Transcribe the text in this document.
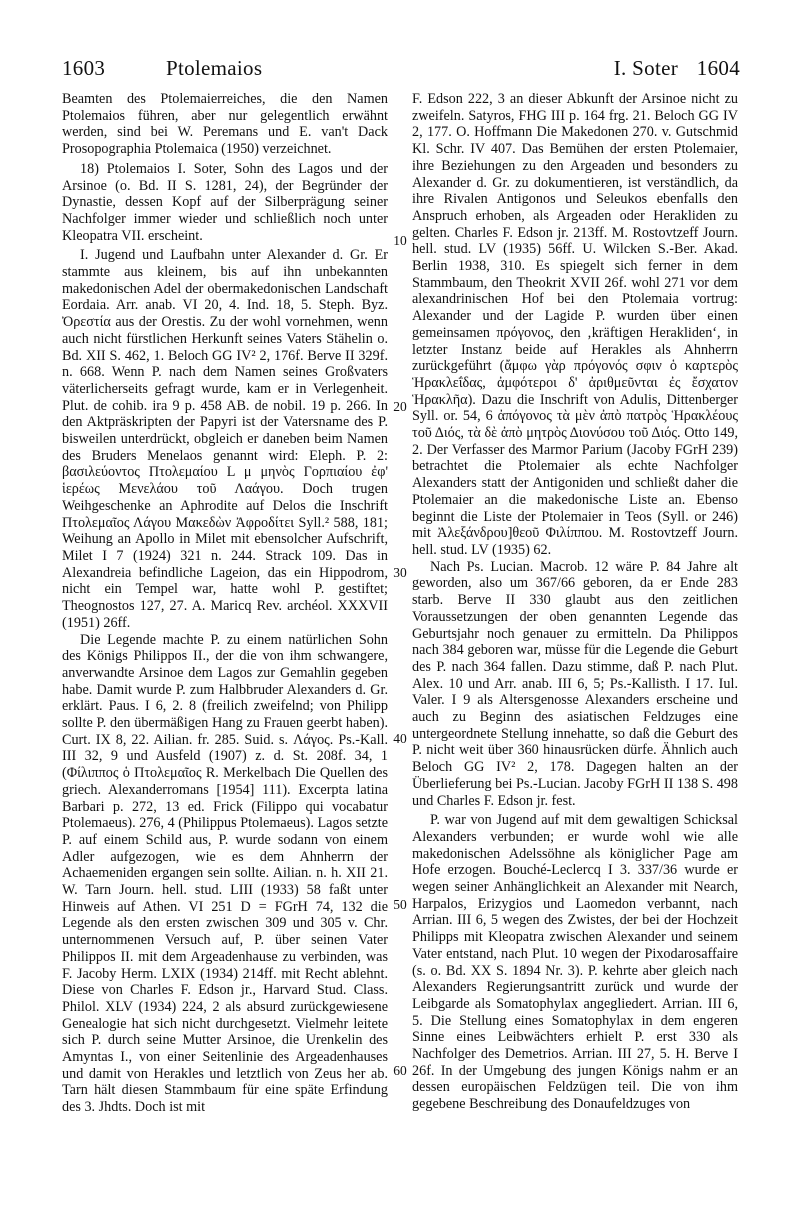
1603	Ptolemaios	I. Soter 1604

Beamten des Ptolemaierreiches, die den Namen Ptolemaios führen, aber nur gelegentlich erwähnt werden, sind bei W. Peremans und E. van't Dack Prosopographia Ptolemaica (1950) verzeichnet.

18) Ptolemaios I. Soter, Sohn des Lagos und der Arsinoe (o. Bd. II S. 1281, 24), der Begründer der Dynastie, dessen Kopf auf der Silberprägung seiner Nachfolger immer wieder und schließlich noch unter Kleopatra VII. erscheint.

I. Jugend und Laufbahn unter Alexander d. Gr. Er stammte aus kleinem, bis auf ihn unbekannten makedonischen Adel der obermakedonischen Landschaft Eordaia. Arr. anab. VI 20, 4. Ind. 18, 5. Steph. Byz. Ὀρεστία aus der Orestis. Zu der wohl vornehmen, wenn auch nicht fürstlichen Herkunft seines Vaters Stähelin o. Bd. XII S. 462, 1. Beloch GG IV² 2, 176f. Berve II 329f. n. 668. Wenn P. nach dem Namen seines Großvaters väterlicherseits gefragt wurde, kam er in Verlegenheit. Plut. de cohib. ira 9 p. 458 AB. de nobil. 19 p. 266. In den Aktpräskripten der Papyri ist der Vatersname des P. bisweilen unterdrückt, obgleich er daneben beim Namen des Bruders Menelaos genannt wird: Eleph. P. 2: βασιλεύοντος Πτολεμαίου L μ μηνὸς Γορπιαίου ἐφ' ἱερέως Μενελάου τοῦ Λαάγου. Doch trugen Weihgeschenke an Aphrodite auf Delos die Inschrift Πτολεμαῖος Λάγου Μακεδὼν Ἀφροδίτει Syll.² 588, 181; Weihung an Apollo in Milet mit ebensolcher Aufschrift, Milet I 7 (1924) 321 n. 244. Strack 109. Das in Alexandreia befindliche Lageion, das ein Hippodrom, nicht ein Tempel war, hatte wohl P. gestiftet; Theognostos 127, 27. A. Maricq Rev. archéol. XXXVII (1951) 26ff.

Die Legende machte P. zu einem natürlichen Sohn des Königs Philippos II., der die von ihm schwangere, anverwandte Arsinoe dem Lagos zur Gemahlin gegeben habe. Damit wurde P. zum Halbbruder Alexanders d. Gr. erklärt. Paus. I 6, 2. 8 (freilich zweifelnd; von Philipp sollte P. den übermäßigen Hang zu Frauen geerbt haben). Curt. IX 8, 22. Ailian. fr. 285. Suid. s. Λάγος. Ps.-Kall. III 32, 9 und Ausfeld (1907) z. d. St. 208f. 34, 1 (Φίλιππος ὁ Πτολεμαῖος R. Merkelbach Die Quellen des griech. Alexanderromans [1954] 111). Excerpta latina Barbari p. 272, 13 ed. Frick (Filippo qui vocabatur Ptolemaeus). 276, 4 (Philippus Ptolemaeus). Lagos setzte P. auf einem Schild aus, P. wurde sodann von einem Adler aufgezogen, wie es dem Ahnherrn der Achaemeniden ergangen sein sollte. Ailian. n. h. XII 21. W. Tarn Journ. hell. stud. LIII (1933) 58 faßt unter Hinweis auf Athen. VI 251 D = FGrH 74, 132 die Legende als den ersten zwischen 309 und 305 v. Chr. unternommenen Versuch auf, P. über seinen Vater Philippos II. mit dem Argeadenhause zu verbinden, was F. Jacoby Herm. LXIX (1934) 214ff. mit Recht ablehnt. Diese von Charles F. Edson jr., Harvard Stud. Class. Philol. XLV (1934) 224, 2 als absurd zurückgewiesene Genealogie hat sich nicht durchgesetzt. Vielmehr leitete sich P. durch seine Mutter Arsinoe, die Urenkelin des Amyntas I., von einer Seitenlinie des Argeadenhauses und damit von Herakles und letztlich von Zeus her ab. Tarn hält diesen Stammbaum für eine späte Erfindung des 3. Jhdts. Doch ist mit

10
20
30
40
50
60

F. Edson 222, 3 an dieser Abkunft der Arsinoe nicht zu zweifeln. Satyros, FHG III p. 164 frg. 21. Beloch GG IV 2, 177. O. Hoffmann Die Makedonen 270. v. Gutschmid Kl. Schr. IV 407. Das Bemühen der ersten Ptolemaier, ihre Beziehungen zu den Argeaden und besonders zu Alexander d. Gr. zu dokumentieren, ist verständlich, da ihre Rivalen Antigonos und Seleukos ebenfalls den Anspruch erhoben, als Argeaden oder Herakliden zu gelten. Charles F. Edson jr. 213ff. M. Rostovtzeff Journ. hell. stud. LV (1935) 56ff. U. Wilcken S.-Ber. Akad. Berlin 1938, 310. Es spiegelt sich ferner in dem Stammbaum, den Theokrit XVII 26f. wohl 271 vor dem alexandrinischen Hof bei den Ptolemaia vortrug: Alexander und der Lagide P. wurden über einen gemeinsamen πρόγονος, den ‚kräftigen Herakliden‘, in letzter Instanz beide auf Herakles als Ahnherrn zurückgeführt (ἄμφω γὰρ πρόγονός σφιν ὁ καρτερὸς Ἡρακλεΐδας, ἀμφότεροι δ' ἀριθμεῦνται ἐς ἔσχατον Ἡρακλῆα). Dazu die Inschrift von Adulis, Dittenberger Syll. or. 54, 6 ἀπόγονος τὰ μὲν ἀπὸ πατρὸς Ἡρακλέους τοῦ Διός, τὰ δὲ ἀπὸ μητρὸς Διονύσου τοῦ Διός. Otto 149, 2. Der Verfasser des Marmor Parium (Jacoby FGrH 239) betrachtet die Ptolemaier als echte Nachfolger Alexanders statt der Antigoniden und schließt daher die Ptolemaier an die makedonische Liste an. Ebenso beginnt die Liste der Ptolemaier in Teos (Syll. or 246) mit Ἀλεξάνδρου]θεοῦ Φιλίππου. M. Rostovtzeff Journ. hell. stud. LV (1935) 62.

Nach Ps. Lucian. Macrob. 12 wäre P. 84 Jahre alt geworden, also um 367/66 geboren, da er Ende 283 starb. Berve II 330 glaubt aus den zeitlichen Voraussetzungen der oben genannten Legende das Geburtsjahr noch genauer zu ermitteln. Da Philippos nach 384 geboren war, müsse für die Legende die Geburt des P. nach 364 fallen. Dazu stimme, daß P. nach Plut. Alex. 10 und Arr. anab. III 6, 5; Ps.-Kallisth. I 17. Iul. Valer. I 9 als Altersgenosse Alexanders erscheine und auch zu Beginn des asiatischen Feldzuges eine untergeordnete Stellung innehatte, so daß die Geburt des P. nicht weit über 360 hinausrücken dürfe. Ähnlich auch Beloch GG IV² 2, 178. Dagegen halten an der Überlieferung bei Ps.-Lucian. Jacoby FGrH II 138 S. 498 und Charles F. Edson jr. fest.

P. war von Jugend auf mit dem gewaltigen Schicksal Alexanders verbunden; er wurde wohl wie alle makedonischen Adelssöhne als königlicher Page am Hofe erzogen. Bouché-Leclercq I 3. 337/36 wurde er wegen seiner Anhänglichkeit an Alexander mit Nearch, Harpalos, Erizygios und Laomedon verbannt, nach Arrian. III 6, 5 wegen des Zwistes, der bei der Hochzeit Philipps mit Kleopatra zwischen Alexander und seinem Vater entstand, nach Plut. 10 wegen der Pixodarosaffaire (s. o. Bd. XX S. 1894 Nr. 3). P. kehrte aber gleich nach Alexanders Regierungsantritt zurück und wurde der Leibgarde als Somatophylax angegliedert. Arrian. III 6, 5. Die Stellung eines Somatophylax in dem engeren Sinne eines Leibwächters erhielt P. erst 330 als Nachfolger des Demetrios. Arrian. III 27, 5. H. Berve I 26f. In der Umgebung des jungen Königs nahm er an dessen europäischen Feldzügen teil. Die von ihm gegebene Beschreibung des Donaufeldzuges von
